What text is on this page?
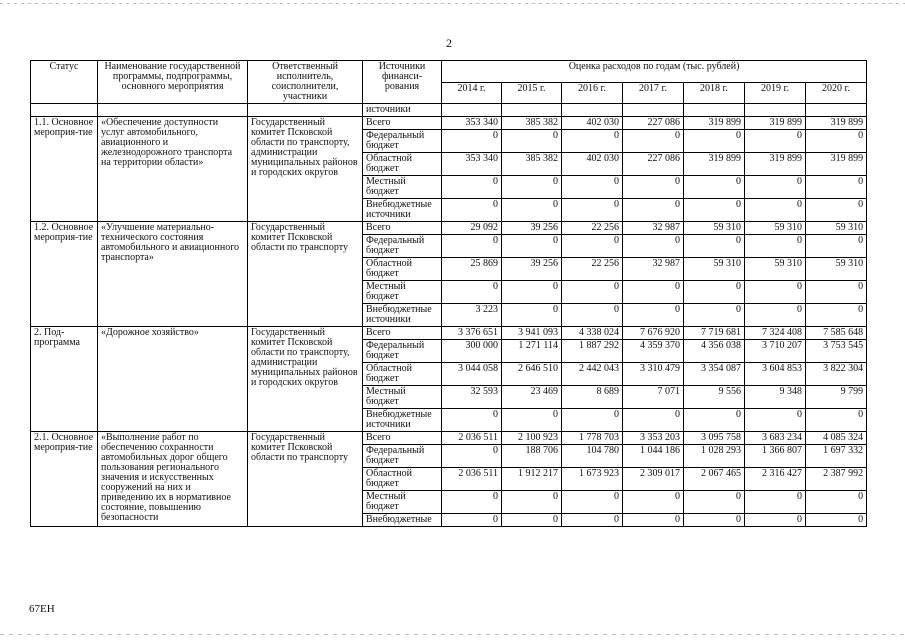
2
Статус	Наименование государственной программы, подпрограммы, основного мероприятия	Ответственный исполнитель, соисполнители, участники	Источники финанси-рования	Оценка расходов по годам (тыс. рублей)						
				2014 г.	2015 г.	2016 г.	2017 г.	2018 г.	2019 г.	2020 г.
			источники							
1.1. Основное мероприя-тие	«Обеспечение доступности услуг автомобильного, авиационного и железнодорожного транспорта на территории области»	Государственный комитет Псковской области по транспорту, администрации муниципальных районов и городских округов	Всего	353 340	385 382	402 030	227 086	319 899	319 899	319 899
			Федеральный бюджет	0	0	0	0	0	0	0
			Областной бюджет	353 340	385 382	402 030	227 086	319 899	319 899	319 899
			Местный бюджет	0	0	0	0	0	0	0
			Внебюджетные источники	0	0	0	0	0	0	0
1.2. Основное мероприя-тие	«Улучшение материально-технического состояния автомобильного и авиационного транспорта»	Государственный комитет Псковской области по транспорту	Всего	29 092	39 256	22 256	32 987	59 310	59 310	59 310
			Федеральный бюджет	0	0	0	0	0	0	0
			Областной бюджет	25 869	39 256	22 256	32 987	59 310	59 310	59 310
			Местный бюджет	0	0	0	0	0	0	0
			Внебюджетные источники	3 223	0	0	0	0	0	0
2. Под-программа	«Дорожное хозяйство»	Государственный комитет Псковской области по транспорту, администрации муниципальных районов и городских округов	Всего	3 376 651	3 941 093	4 338 024	7 676 920	7 719 681	7 324 408	7 585 648
			Федеральный бюджет	300 000	1 271 114	1 887 292	4 359 370	4 356 038	3 710 207	3 753 545
			Областной бюджет	3 044 058	2 646 510	2 442 043	3 310 479	3 354 087	3 604 853	3 822 304
			Местный бюджет	32 593	23 469	8 689	7 071	9 556	9 348	9 799
			Внебюджетные источники	0	0	0	0	0	0	0
2.1. Основное мероприя-тие	«Выполнение работ по обеспечению сохранности автомобильных дорог общего пользования регионального значения и искусственных сооружений на них и приведению их в нормативное состояние, повышению безопасности	Государственный комитет Псковской области по транспорту	Всего	2 036 511	2 100 923	1 778 703	3 353 203	3 095 758	3 683 234	4 085 324
			Федеральный бюджет	0	188 706	104 780	1 044 186	1 028 293	1 366 807	1 697 332
			Областной бюджет	2 036 511	1 912 217	1 673 923	2 309 017	2 067 465	2 316 427	2 387 992
			Местный бюджет	0	0	0	0	0	0	0
			Внебюджетные	0	0	0	0	0	0	0
67ЕН
